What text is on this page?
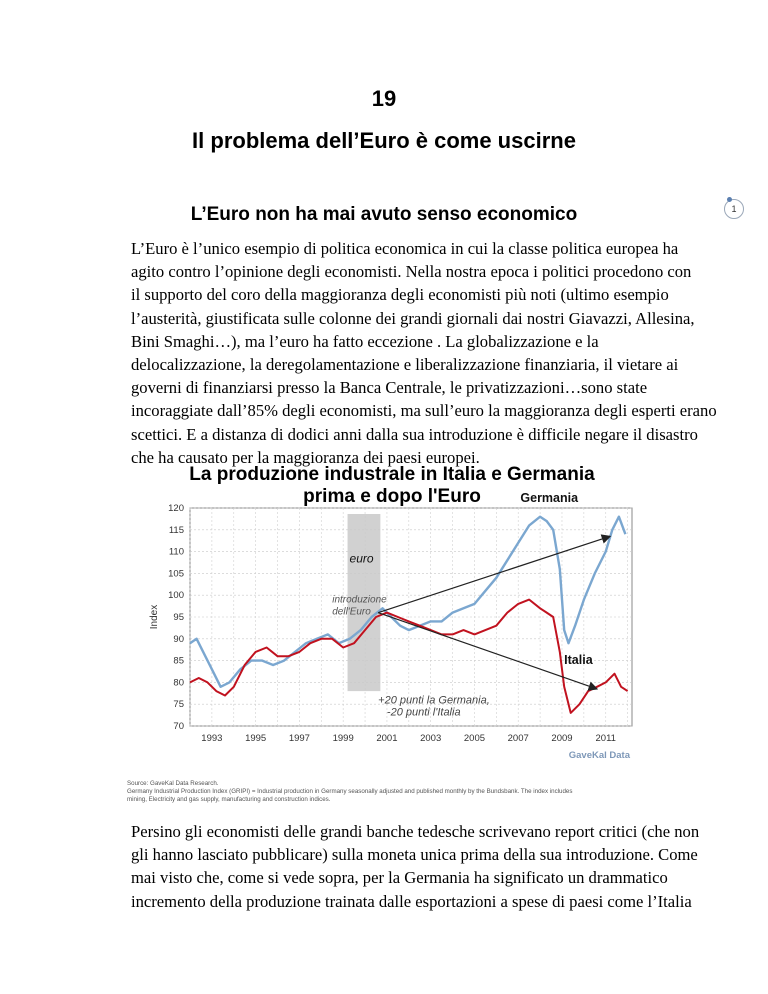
19
Il problema dell’Euro è come uscirne
L’Euro non ha mai avuto senso economico	1

L’Euro è l’unico esempio di politica economica in cui la classe politica europea ha
agito contro l’opinione degli economisti. Nella nostra epoca i politici procedono con
il supporto del coro della maggioranza degli economisti più noti (ultimo esempio
l’austerità, giustificata sulle colonne dei grandi giornali dai nostri Giavazzi, Allesina,
Bini Smaghi…), ma l’euro ha fatto eccezione . La globalizzazione e la
delocalizzazione, la deregolamentazione e liberalizzazione finanziaria, il vietare ai
governi di finanziarsi presso la Banca Centrale, le privatizzazioni…sono state
incoraggiate dall’85% degli economisti, ma sull’euro la maggioranza degli esperti erano
scettici. E a distanza di dodici anni dalla sua introduzione è difficile negare il disastro
che ha causato per la maggioranza dei paesi europei.

euro
70
75
80
85
90
95
100
105
110
115
120
Index
1993 1995 1997 1999 2001 2003 2005 2007 2009 2011
GaveKal Data
Germania
Italia
introduzione
dell'Euro
+20 punti la Germania,
-20 punti l'Italia
La produzione industrale in Italia e Germania
prima e dopo l'Euro
Source: GaveKal Data Research.
Germany Industrial Production Index (GRIPI) = Industrial production in Germany seasonally adjusted and published monthly by the Bundsbank. The index includes
mining, Electricity and gas supply, manufacturing and construction indices.

Persino gli economisti delle grandi banche tedesche scrivevano report critici (che non
gli hanno lasciato pubblicare) sulla moneta unica prima della sua introduzione. Come
mai visto che, come si vede sopra, per la Germania ha significato un drammatico
incremento della produzione trainata dalle esportazioni a spese di paesi come l’Italia
